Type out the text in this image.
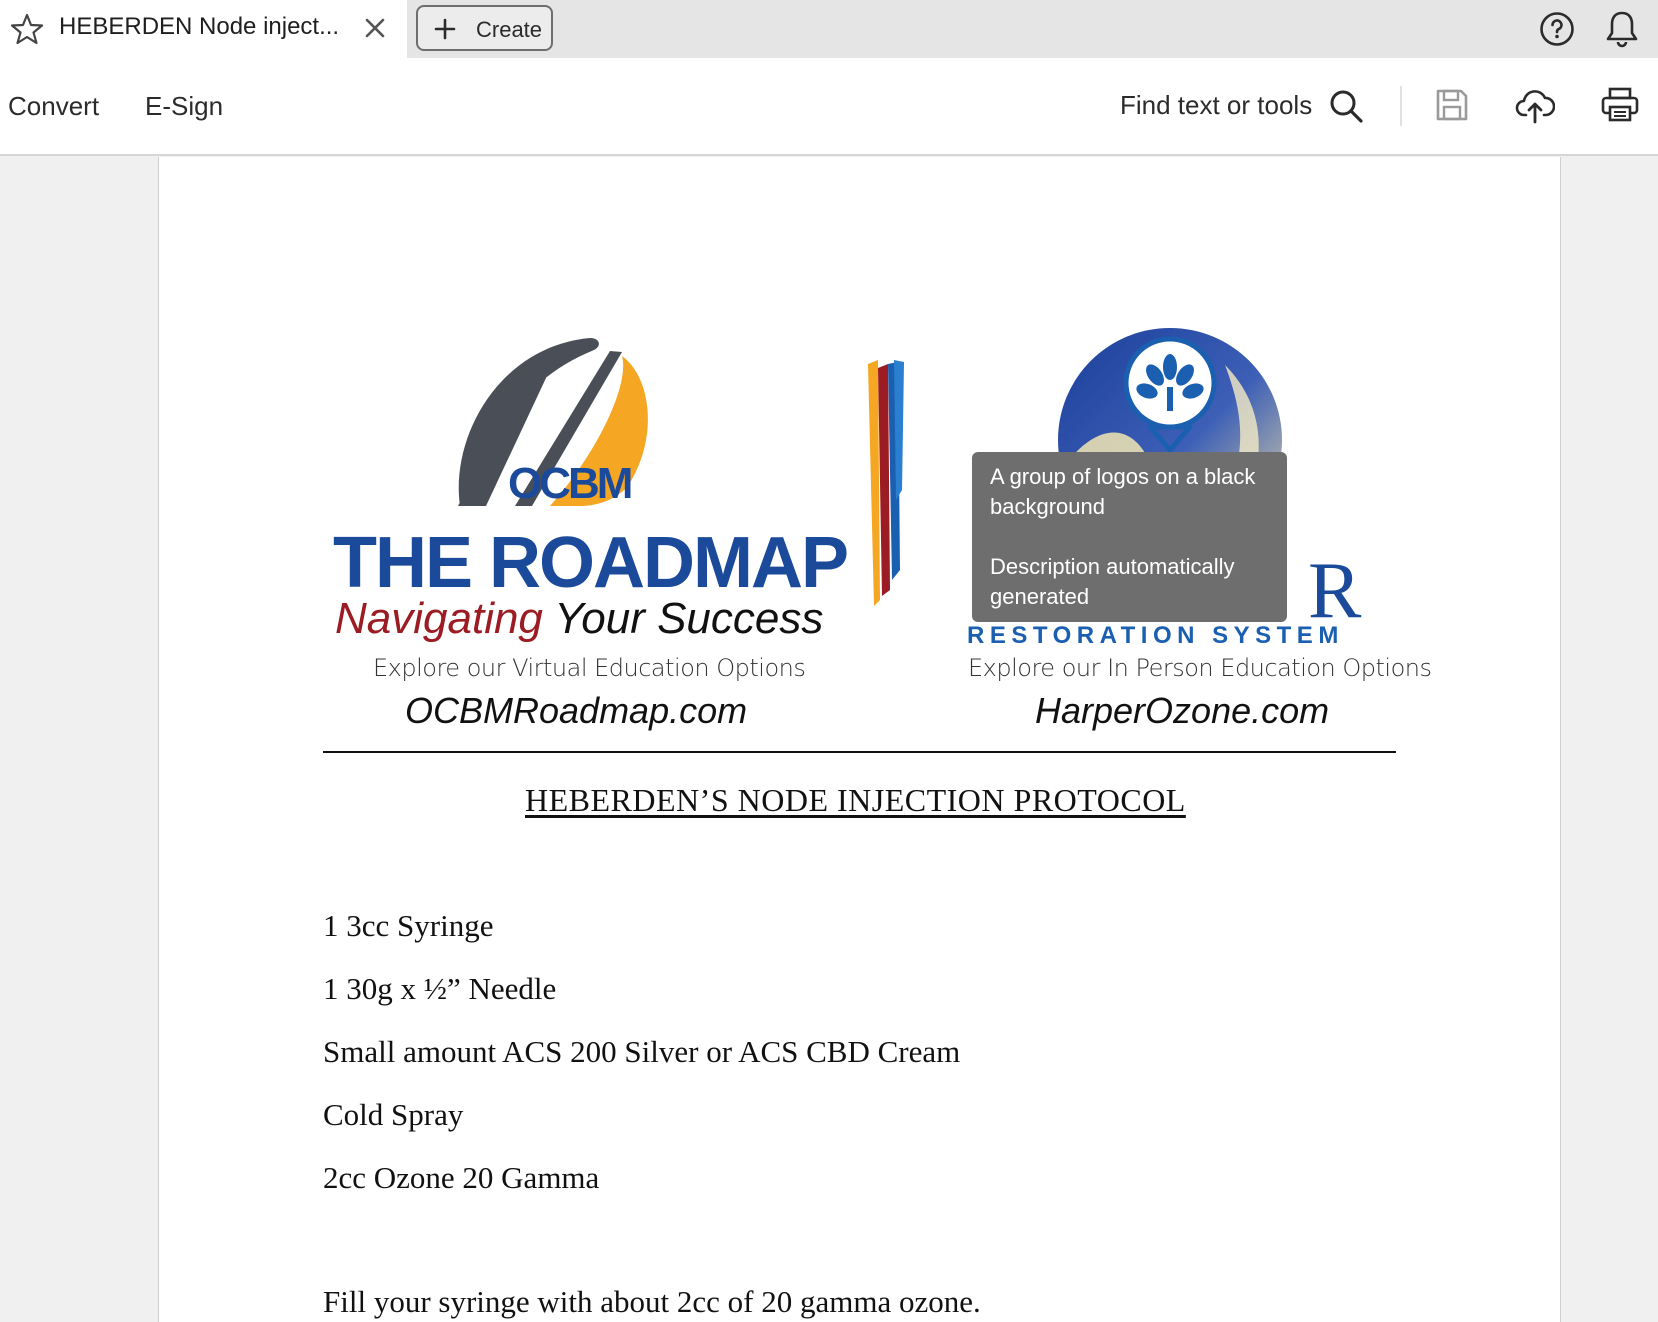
HEBERDEN Node inject...	Create
Convert E-Sign	Find text or tools
OCBM
THE ROADMAP
Navigating Your Success
Explore our Virtual Education Options
OCBMRoadmap.com
R
RESTORATION SYSTEM
Explore our In Person Education Options
HarperOzone.com
HEBERDEN’S NODE INJECTION PROTOCOL
1 3cc Syringe
1 30g x ½” Needle
Small amount ACS 200 Silver or ACS CBD Cream
Cold Spray
2cc Ozone 20 Gamma
Fill your syringe with about 2cc of 20 gamma ozone.

A group of logos on a black background

Description automatically generated
